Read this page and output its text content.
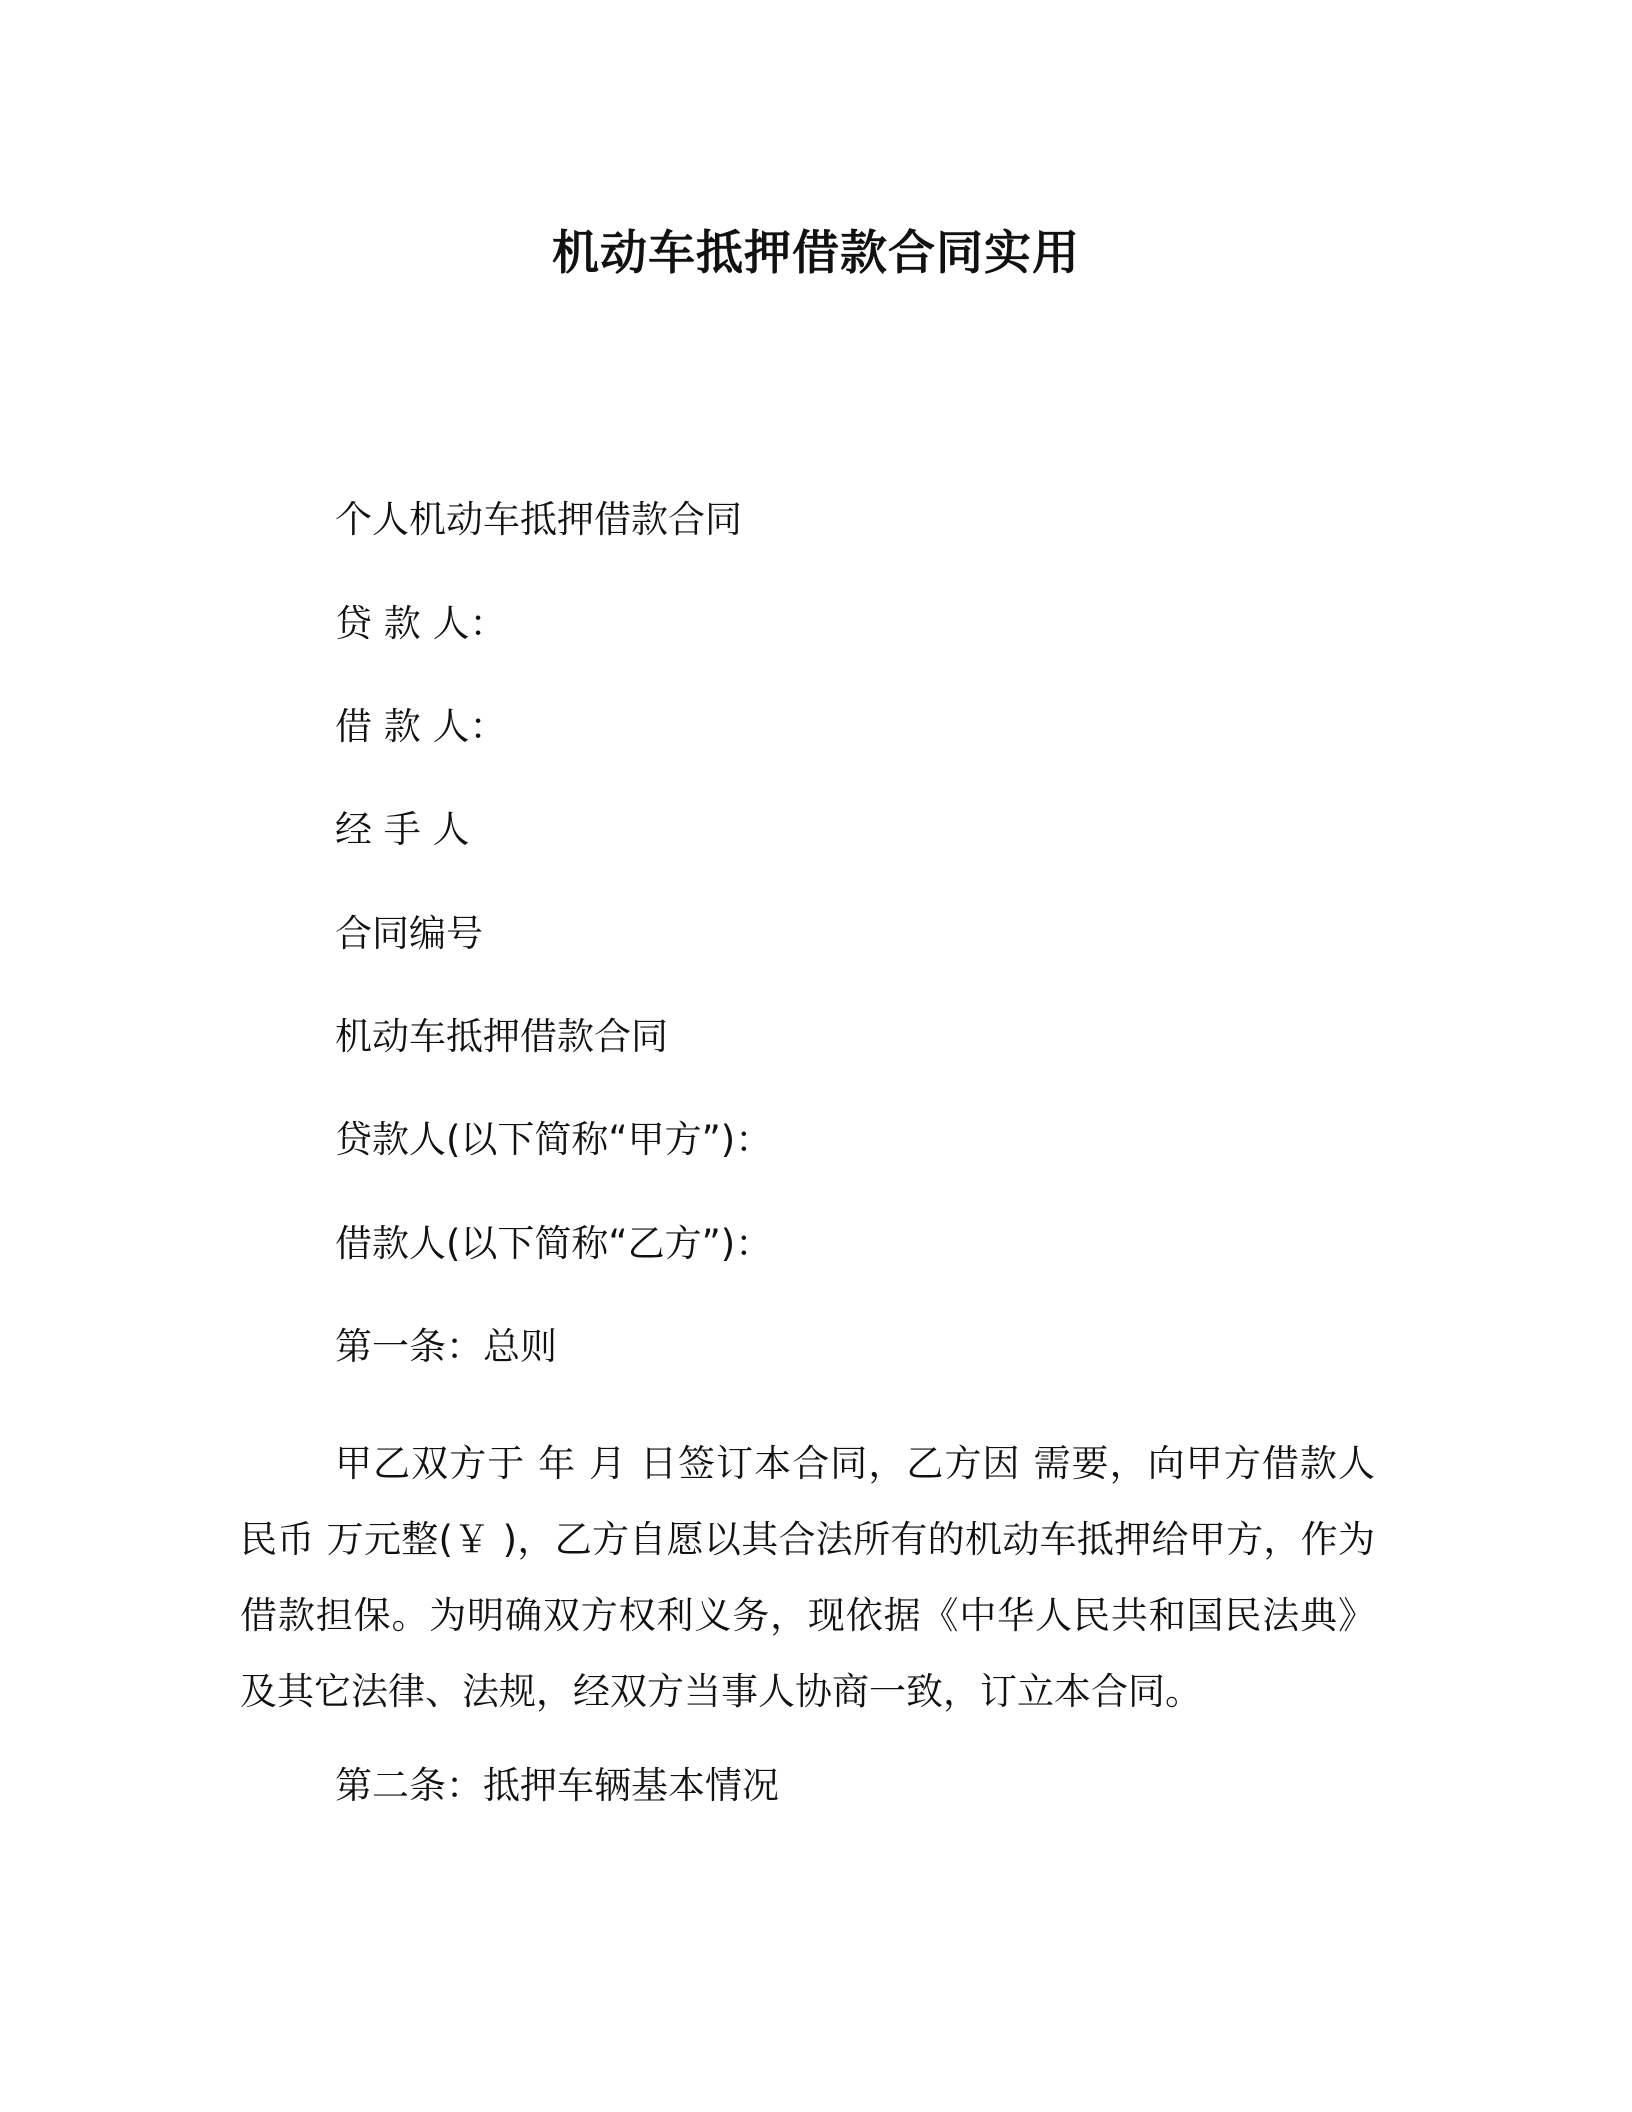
机动车抵押借款合同实用
个人机动车抵押借款合同
贷 款 人：
借 款 人：
经 手 人
合同编号
机动车抵押借款合同
贷款人(以下简称“甲方”)：
借款人(以下简称“乙方”)：
第一条：总则
甲乙双方于 年 月 日签订本合同，乙方因 需要，向甲方借款人民币 万元整(￥ )，乙方自愿以其合法所有的机动车抵押给甲方，作为借款担保。为明确双方权利义务，现依据《中华人民共和国民法典》及其它法律、法规，经双方当事人协商一致，订立本合同。
第二条：抵押车辆基本情况
